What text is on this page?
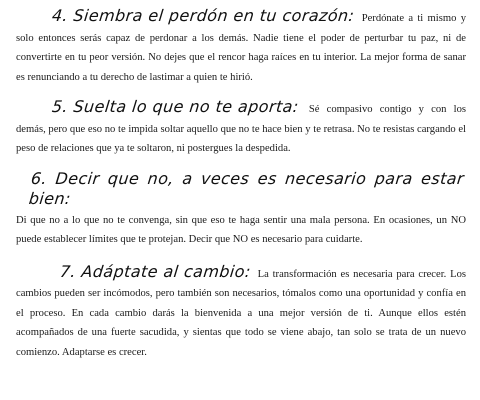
4. Siembra el perdón en tu corazón: Perdónate a ti mismo y solo entonces serás capaz de perdonar a los demás. Nadie tiene el poder de perturbar tu paz, ni de convertirte en tu peor versión. No dejes que el rencor haga raíces en tu interior. La mejor forma de sanar es renunciando a tu derecho de lastimar a quien te hirió.

5. Suelta lo que no te aporta: Sé compasivo contigo y con los demás, pero que eso no te impida soltar aquello que no te hace bien y te retrasa. No te resistas cargando el peso de relaciones que ya te soltaron, ni postergues la despedida.

6. Decir que no, a veces es necesario para estar bien: Di que no a lo que no te convenga, sin que eso te haga sentir una mala persona. En ocasiones, un NO puede establecer límites que te protejan. Decir que NO es necesario para cuidarte.

7. Adáptate al cambio: La transformación es necesaria para crecer. Los cambios pueden ser incómodos, pero también son necesarios, tómalos como una oportunidad y confía en el proceso. En cada cambio darás la bienvenida a una mejor versión de ti. Aunque ellos estén acompañados de una fuerte sacudida, y sientas que todo se viene abajo, tan solo se trata de un nuevo comienzo. Adaptarse es crecer.
